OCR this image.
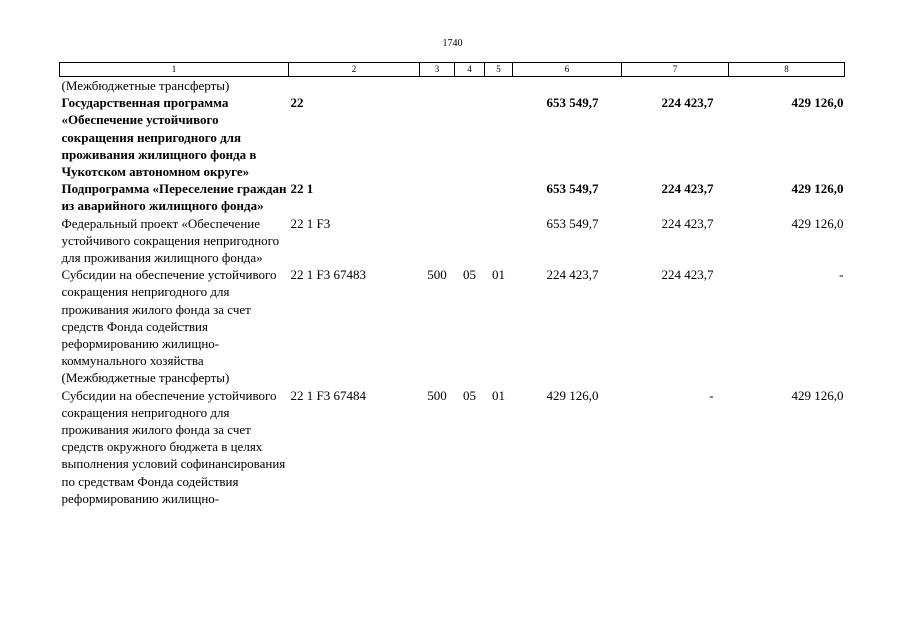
1740
1	2	3	4	5	6	7	8
(Межбюджетные трансферты)							
Государственная программа «Обеспечение устойчивого сокращения непригодного для проживания жилищного фонда в Чукотском автономном округе»	22				653 549,7	224 423,7	429 126,0
Подпрограмма «Переселение граждан из аварийного жилищного фонда»	22 1				653 549,7	224 423,7	429 126,0
Федеральный проект «Обеспечение устойчивого сокращения непригодного для проживания жилищного фонда»	22 1 F3				653 549,7	224 423,7	429 126,0
Субсидии на обеспечение устойчивого сокращения непригодного для проживания жилого фонда за счет средств Фонда содействия реформированию жилищно-коммунального хозяйства (Межбюджетные трансферты)	22 1 F3 67483	500	05	01	224 423,7	224 423,7	-
Субсидии на обеспечение устойчивого сокращения непригодного для проживания жилого фонда за счет средств окружного бюджета в целях выполнения условий софинансирования по средствам Фонда содействия реформированию жилищно-	22 1 F3 67484	500	05	01	429 126,0	-	429 126,0
